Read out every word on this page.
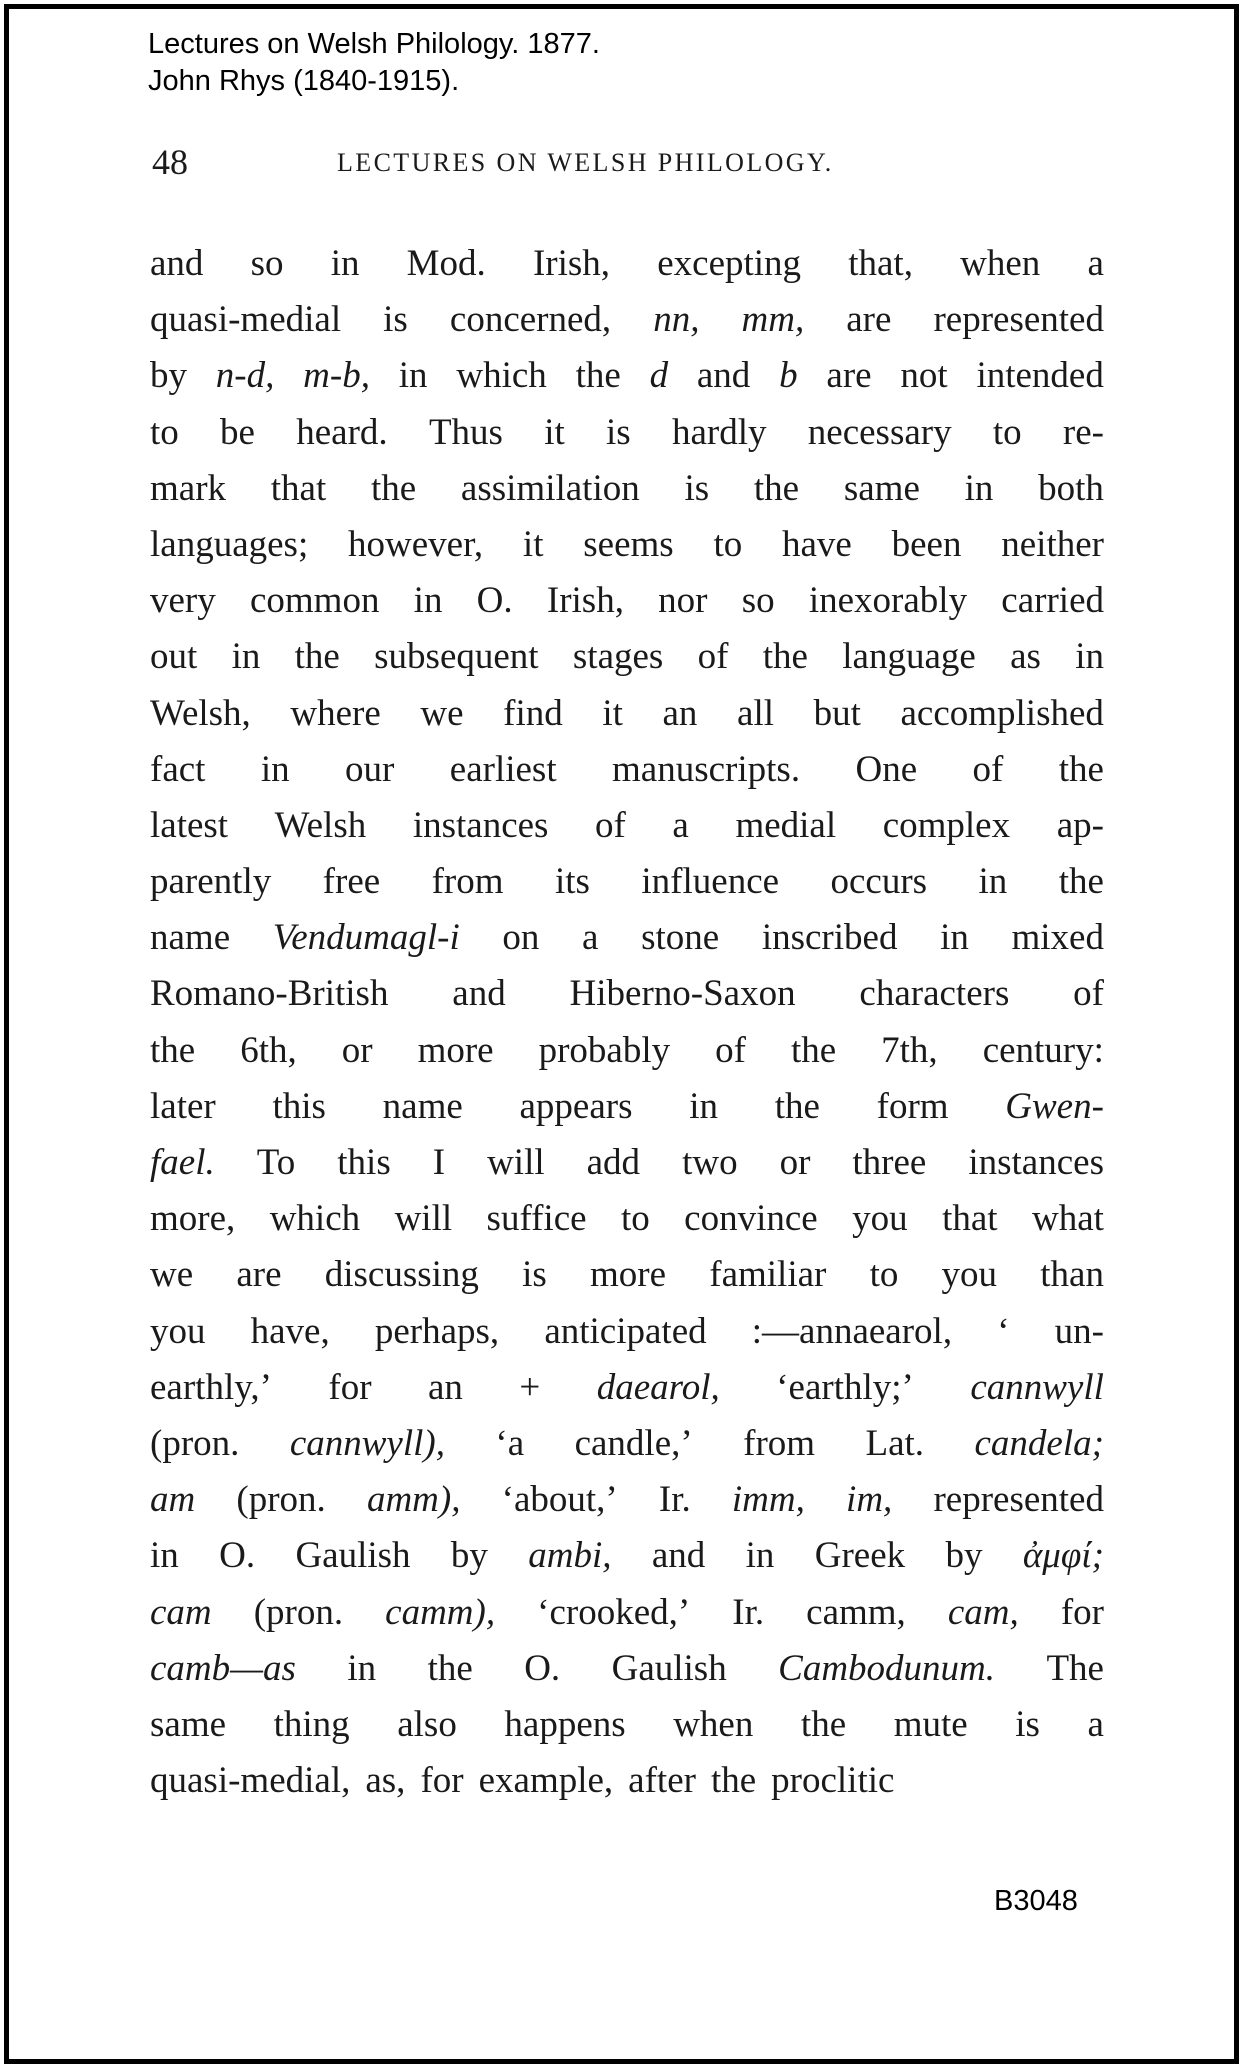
Lectures on Welsh Philology. 1877.
John Rhys (1840-1915).
48	LECTURES ON WELSH PHILOLOGY.
and so in Mod. Irish, excepting that, when a
quasi-medial is concerned, nn, mm, are represented
by n-d, m-b, in which the d and b are not intended
to be heard. Thus it is hardly necessary to re-
mark that the assimilation is the same in both
languages; however, it seems to have been neither
very common in O. Irish, nor so inexorably carried
out in the subsequent stages of the language as in
Welsh, where we find it an all but accomplished
fact in our earliest manuscripts. One of the
latest Welsh instances of a medial complex ap-
parently free from its influence occurs in the
name Vendumagl-i on a stone inscribed in mixed
Romano-British and Hiberno-Saxon characters of
the 6th, or more probably of the 7th, century:
later this name appears in the form Gwen-
fael. To this I will add two or three instances
more, which will suffice to convince you that what
we are discussing is more familiar to you than
you have, perhaps, anticipated :—annaearol, ‘ un-
earthly,’ for an + daearol, ‘earthly;’ cannwyll
(pron. cannwyll), ‘a candle,’ from Lat. candela;
am (pron. amm), ‘about,’ Ir. imm, im, represented
in O. Gaulish by ambi, and in Greek by ἀμφί;
cam (pron. camm), ‘crooked,’ Ir. camm, cam, for
camb—as in the O. Gaulish Cambodunum. The
same thing also happens when the mute is a
quasi-medial, as, for example, after the proclitic
B3048
